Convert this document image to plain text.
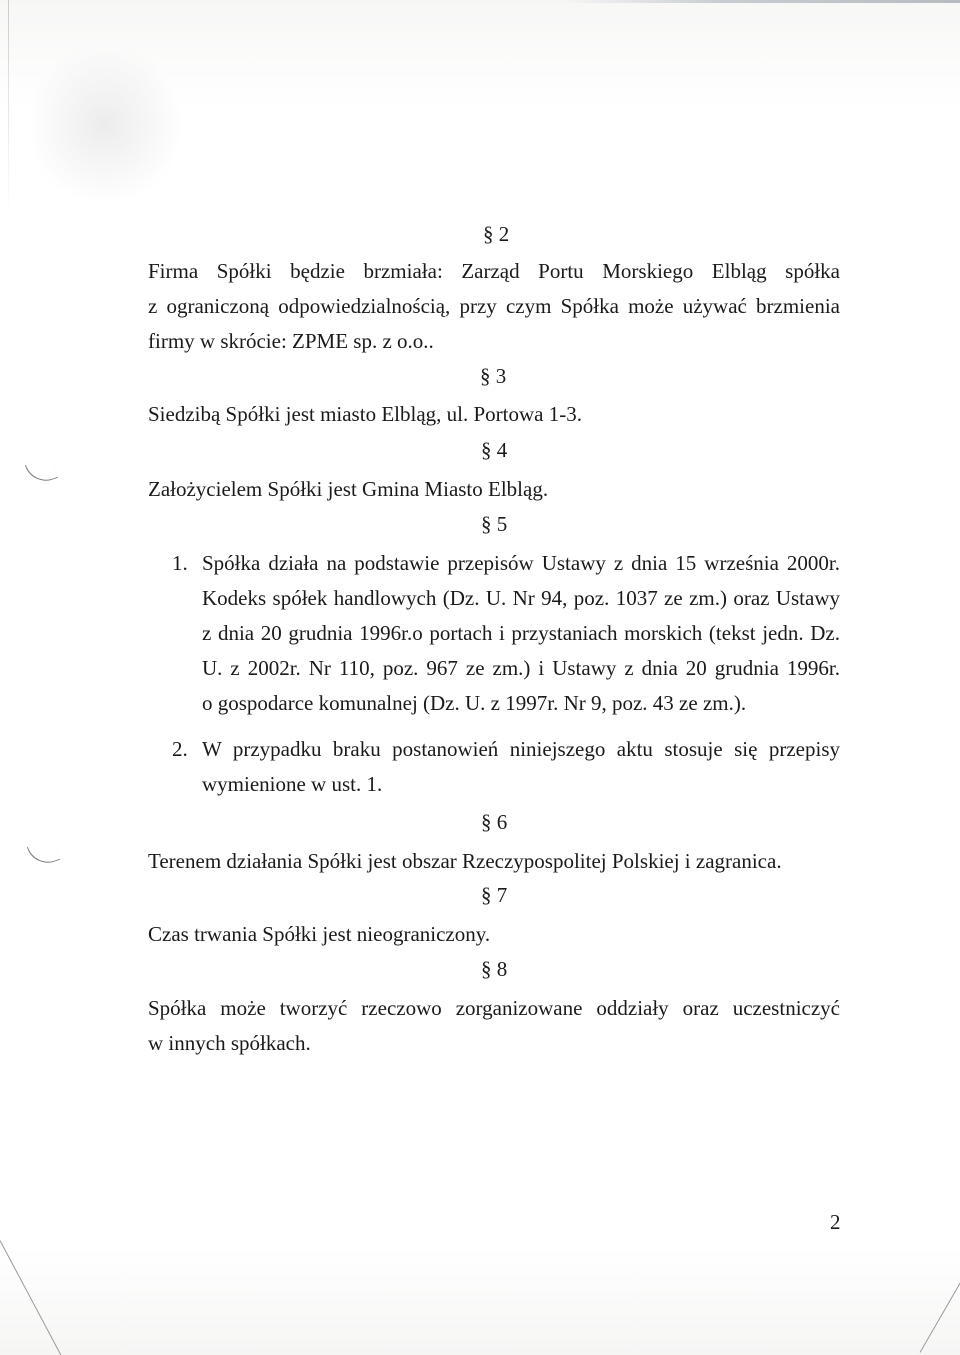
§ 2
Firma Spółki będzie brzmiała: Zarząd Portu Morskiego Elbląg spółka
z ograniczoną odpowiedzialnością, przy czym Spółka może używać brzmienia
firmy w skrócie: ZPME sp. z o.o..
§ 3
Siedzibą Spółki jest miasto Elbląg, ul. Portowa 1-3.
§ 4
Założycielem Spółki jest Gmina Miasto Elbląg.
§ 5
1. Spółka działa na podstawie przepisów Ustawy z dnia 15 września 2000r.
Kodeks spółek handlowych (Dz. U. Nr 94, poz. 1037 ze zm.) oraz Ustawy
z dnia 20 grudnia 1996r.o portach i przystaniach morskich (tekst jedn. Dz.
U. z 2002r. Nr 110, poz. 967 ze zm.) i Ustawy z dnia 20 grudnia 1996r.
o gospodarce komunalnej (Dz. U. z 1997r. Nr 9, poz. 43 ze zm.).
2. W przypadku braku postanowień niniejszego aktu stosuje się przepisy
wymienione w ust. 1.
§ 6
Terenem działania Spółki jest obszar Rzeczypospolitej Polskiej i zagranica.
§ 7
Czas trwania Spółki jest nieograniczony.
§ 8
Spółka może tworzyć rzeczowo zorganizowane oddziały oraz uczestniczyć
w innych spółkach.
2
